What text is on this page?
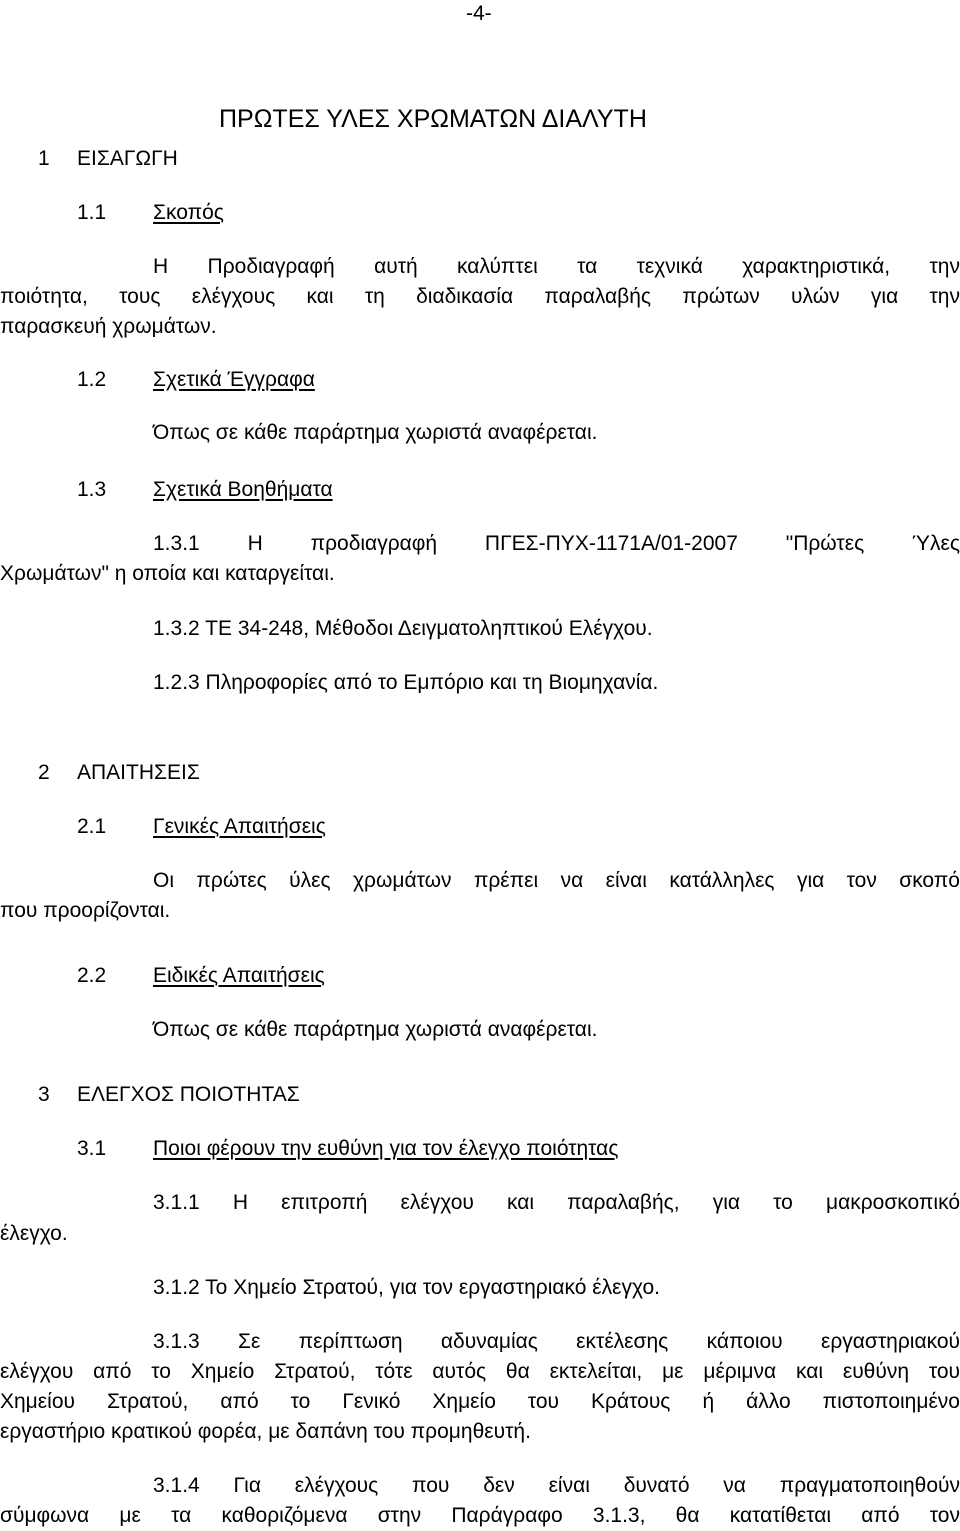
-4-
ΠΡΩΤΕΣ ΥΛΕΣ ΧΡΩΜΑΤΩΝ ΔΙΑΛΥΤΗ
1 ΕΙΣΑΓΩΓΗ
1.1 Σκοπός
Η Προδιαγραφή αυτή καλύπτει τα τεχνικά χαρακτηριστικά, την
ποιότητα, τους ελέγχους και τη διαδικασία παραλαβής πρώτων υλών για την
παρασκευή χρωμάτων.
1.2 Σχετικά Έγγραφα
Όπως σε κάθε παράρτημα χωριστά αναφέρεται.
1.3 Σχετικά Βοηθήματα
1.3.1 Η προδιαγραφή ΠΓΕΣ-ΠΥΧ-1171Α/01-2007 "Πρώτες Ύλες
Χρωμάτων" η οποία και καταργείται.
1.3.2 ΤΕ 34-248, Μέθοδοι Δειγματοληπτικού Ελέγχου.
1.2.3 Πληροφορίες από το Εμπόριο και τη Βιομηχανία.
2 ΑΠΑΙΤΗΣΕΙΣ
2.1 Γενικές Απαιτήσεις
Οι πρώτες ύλες χρωμάτων πρέπει να είναι κατάλληλες για τον σκοπό
που προορίζονται.
2.2 Ειδικές Απαιτήσεις
Όπως σε κάθε παράρτημα χωριστά αναφέρεται.
3 ΕΛΕΓΧΟΣ ΠΟΙΟΤΗΤΑΣ
3.1 Ποιοι φέρουν την ευθύνη για τον έλεγχο ποιότητας
3.1.1 Η επιτροπή ελέγχου και παραλαβής, για το μακροσκοπικό
έλεγχο.
3.1.2 Το Χημείο Στρατού, για τον εργαστηριακό έλεγχο.
3.1.3 Σε περίπτωση αδυναμίας εκτέλεσης κάποιου εργαστηριακού
ελέγχου από το Χημείο Στρατού, τότε αυτός θα εκτελείται, με μέριμνα και ευθύνη του
Χημείου Στρατού, από το Γενικό Χημείο του Κράτους ή άλλο πιστοποιημένο
εργαστήριο κρατικού φορέα, με δαπάνη του προμηθευτή.
3.1.4 Για ελέγχους που δεν είναι δυνατό να πραγματοποιηθούν
σύμφωνα με τα καθοριζόμενα στην Παράγραφο 3.1.3, θα κατατίθεται από τον
